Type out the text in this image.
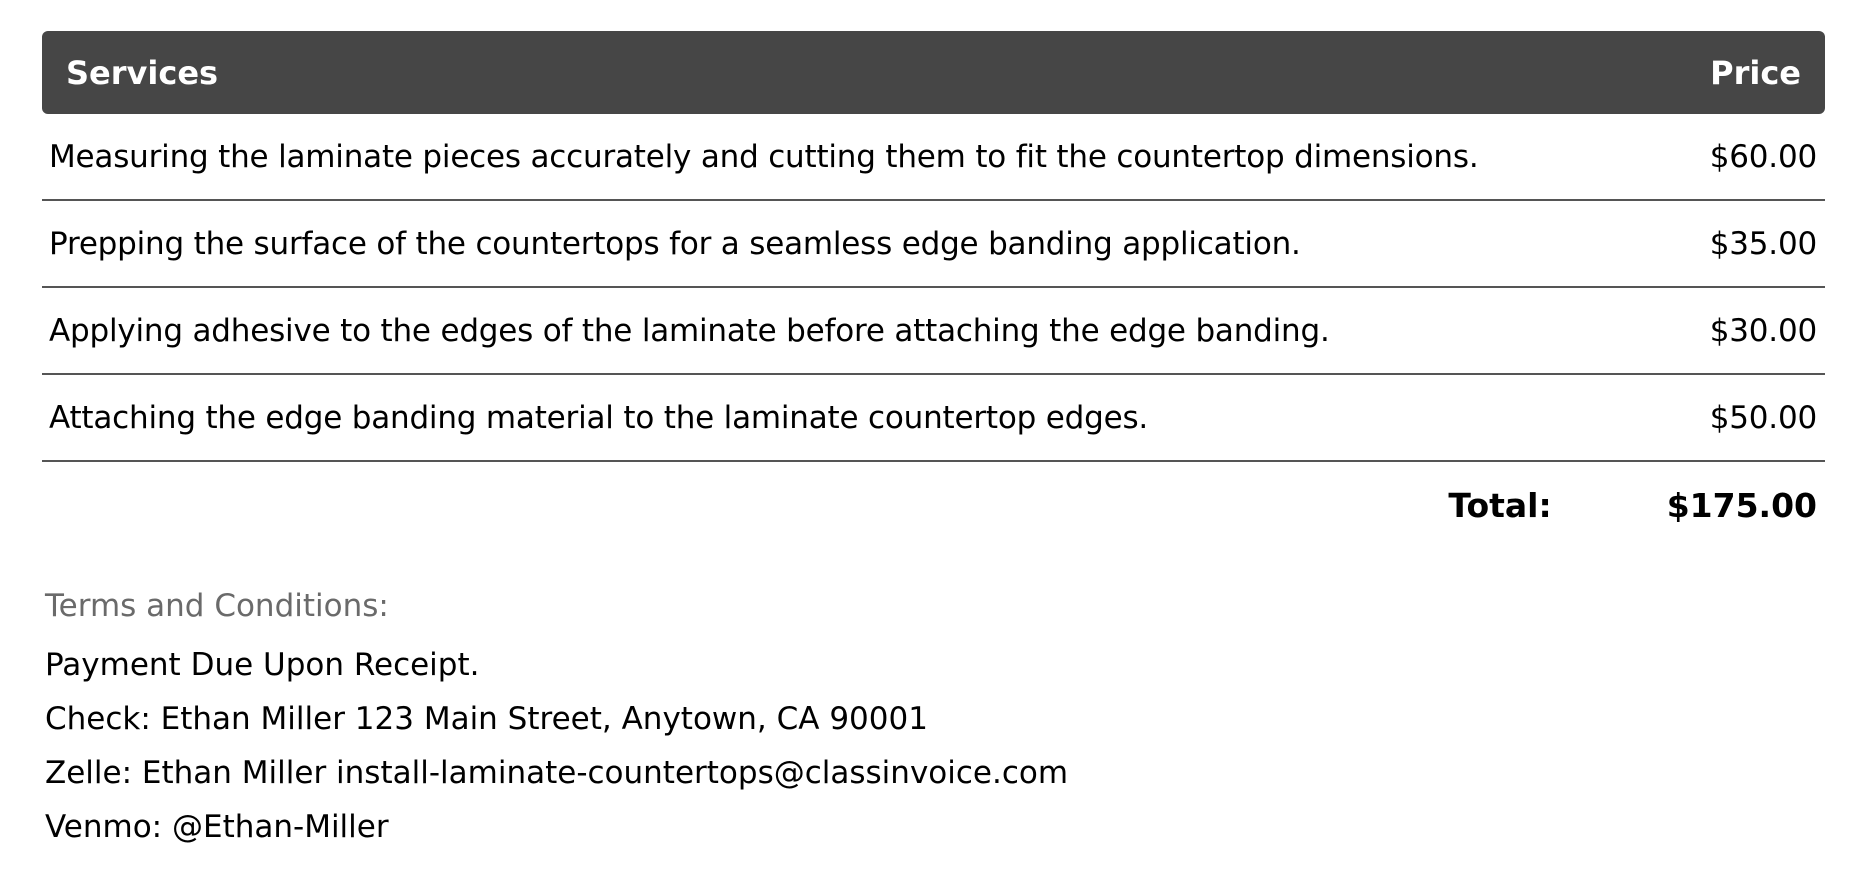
Services	Price
Measuring the laminate pieces accurately and cutting them to fit the countertop dimensions.	$60.00
Prepping the surface of the countertops for a seamless edge banding application.	$35.00
Applying adhesive to the edges of the laminate before attaching the edge banding.	$30.00
Attaching the edge banding material to the laminate countertop edges.	$50.00
Total:	$175.00
Terms and Conditions:
Payment Due Upon Receipt.
Check: Ethan Miller 123 Main Street, Anytown, CA 90001
Zelle: Ethan Miller install-laminate-countertops@classinvoice.com
Venmo: @Ethan-Miller
